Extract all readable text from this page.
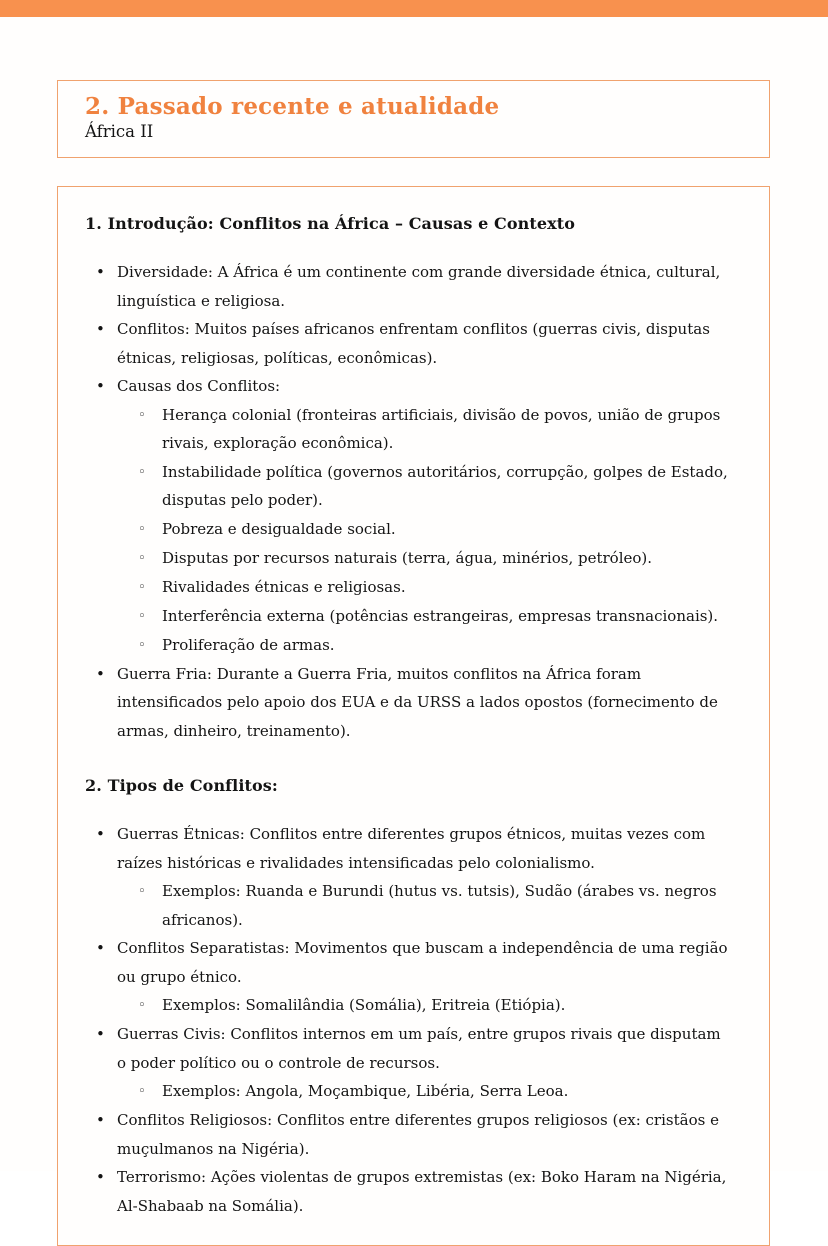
2. Passado recente e atualidade
África II
1. Introdução: Conflitos na África – Causas e Contexto
• Diversidade: A África é um continente com grande diversidade étnica, cultural, linguística e religiosa.
• Conflitos: Muitos países africanos enfrentam conflitos (guerras civis, disputas étnicas, religiosas, políticas, econômicas).
• Causas dos Conflitos:
◦	Herança colonial (fronteiras artificiais, divisão de povos, união de grupos rivais, exploração econômica).
◦	Instabilidade política (governos autoritários, corrupção, golpes de Estado, disputas pelo poder).
◦	Pobreza e desigualdade social.
◦	Disputas por recursos naturais (terra, água, minérios, petróleo).
◦	Rivalidades étnicas e religiosas.
◦	Interferência externa (potências estrangeiras, empresas transnacionais).
◦	Proliferação de armas.
• Guerra Fria: Durante a Guerra Fria, muitos conflitos na África foram intensificados pelo apoio dos EUA e da URSS a lados opostos (fornecimento de armas, dinheiro, treinamento).
2. Tipos de Conflitos:
• Guerras Étnicas: Conflitos entre diferentes grupos étnicos, muitas vezes com raízes históricas e rivalidades intensificadas pelo colonialismo.
◦	Exemplos: Ruanda e Burundi (hutus vs. tutsis), Sudão (árabes vs. negros africanos).
• Conflitos Separatistas: Movimentos que buscam a independência de uma região ou grupo étnico.
◦	Exemplos: Somalilândia (Somália), Eritreia (Etiópia).
• Guerras Civis: Conflitos internos em um país, entre grupos rivais que disputam o poder político ou o controle de recursos.
◦	Exemplos: Angola, Moçambique, Libéria, Serra Leoa.
• Conflitos Religiosos: Conflitos entre diferentes grupos religiosos (ex: cristãos e muçulmanos na Nigéria).
• Terrorismo: Ações violentas de grupos extremistas (ex: Boko Haram na Nigéria, Al-Shabaab na Somália).
